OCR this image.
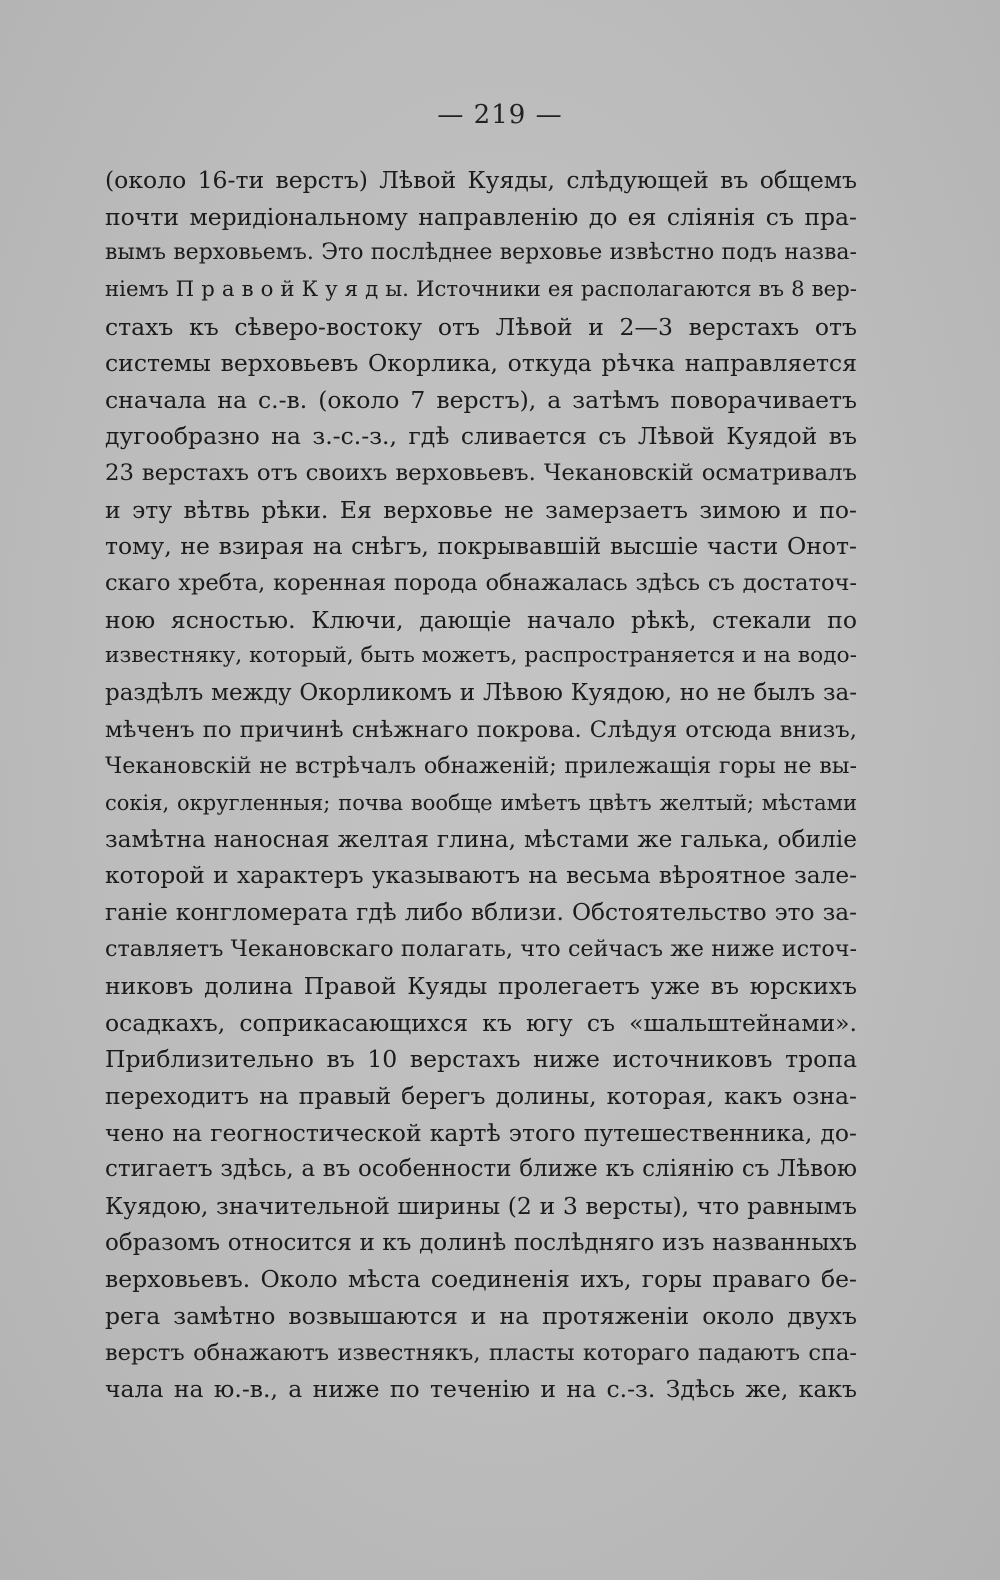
— 219 —
(около 16-ти верстъ) Лѣвой Куяды, слѣдующей въ общемъ
почти меридіональному направленію до ея сліянія съ пра-
вымъ верховьемъ. Это послѣднее верховье извѣстно подъ назва-
ніемъ П р а в о й К у я д ы. Источники ея располагаются въ 8 вер-
стахъ къ сѣверо-востоку отъ Лѣвой и 2—3 верстахъ отъ
системы верховьевъ Окорлика, откуда рѣчка направляется
сначала на с.-в. (около 7 верстъ), а затѣмъ поворачиваетъ
дугообразно на з.-с.-з., гдѣ сливается съ Лѣвой Куядой въ
23 верстахъ отъ своихъ верховьевъ. Чекановскій осматривалъ
и эту вѣтвь рѣки. Ея верховье не замерзаетъ зимою и по-
тому, не взирая на снѣгъ, покрывавшій высшіе части Онот-
скаго хребта, коренная порода обнажалась здѣсь съ достаточ-
ною ясностью. Ключи, дающіе начало рѣкѣ, стекали по
известняку, который, быть можетъ, распространяется и на водо-
раздѣлъ между Окорликомъ и Лѣвою Куядою, но не былъ за-
мѣченъ по причинѣ снѣжнаго покрова. Слѣдуя отсюда внизъ,
Чекановскій не встрѣчалъ обнаженій; прилежащія горы не вы-
сокія, округленныя; почва вообще имѣетъ цвѣтъ желтый; мѣстами
замѣтна наносная желтая глина, мѣстами же галька, обиліе
которой и характеръ указываютъ на весьма вѣроятное зале-
ганіе конгломерата гдѣ либо вблизи. Обстоятельство это за-
ставляетъ Чекановскаго полагать, что сейчасъ же ниже источ-
никовъ долина Правой Куяды пролегаетъ уже въ юрскихъ
осадкахъ, соприкасающихся къ югу съ «шальштейнами».
Приблизительно въ 10 верстахъ ниже источниковъ тропа
переходитъ на правый берегъ долины, которая, какъ озна-
чено на геогностической картѣ этого путешественника, до-
стигаетъ здѣсь, а въ особенности ближе къ сліянію съ Лѣвою
Куядою, значительной ширины (2 и 3 версты), что равнымъ
образомъ относится и къ долинѣ послѣдняго изъ названныхъ
верховьевъ. Около мѣста соединенія ихъ, горы праваго бе-
рега замѣтно возвышаются и на протяженіи около двухъ
верстъ обнажаютъ известнякъ, пласты котораго падаютъ спа-
чала на ю.-в., а ниже по теченію и на с.-з. Здѣсь же, какъ
